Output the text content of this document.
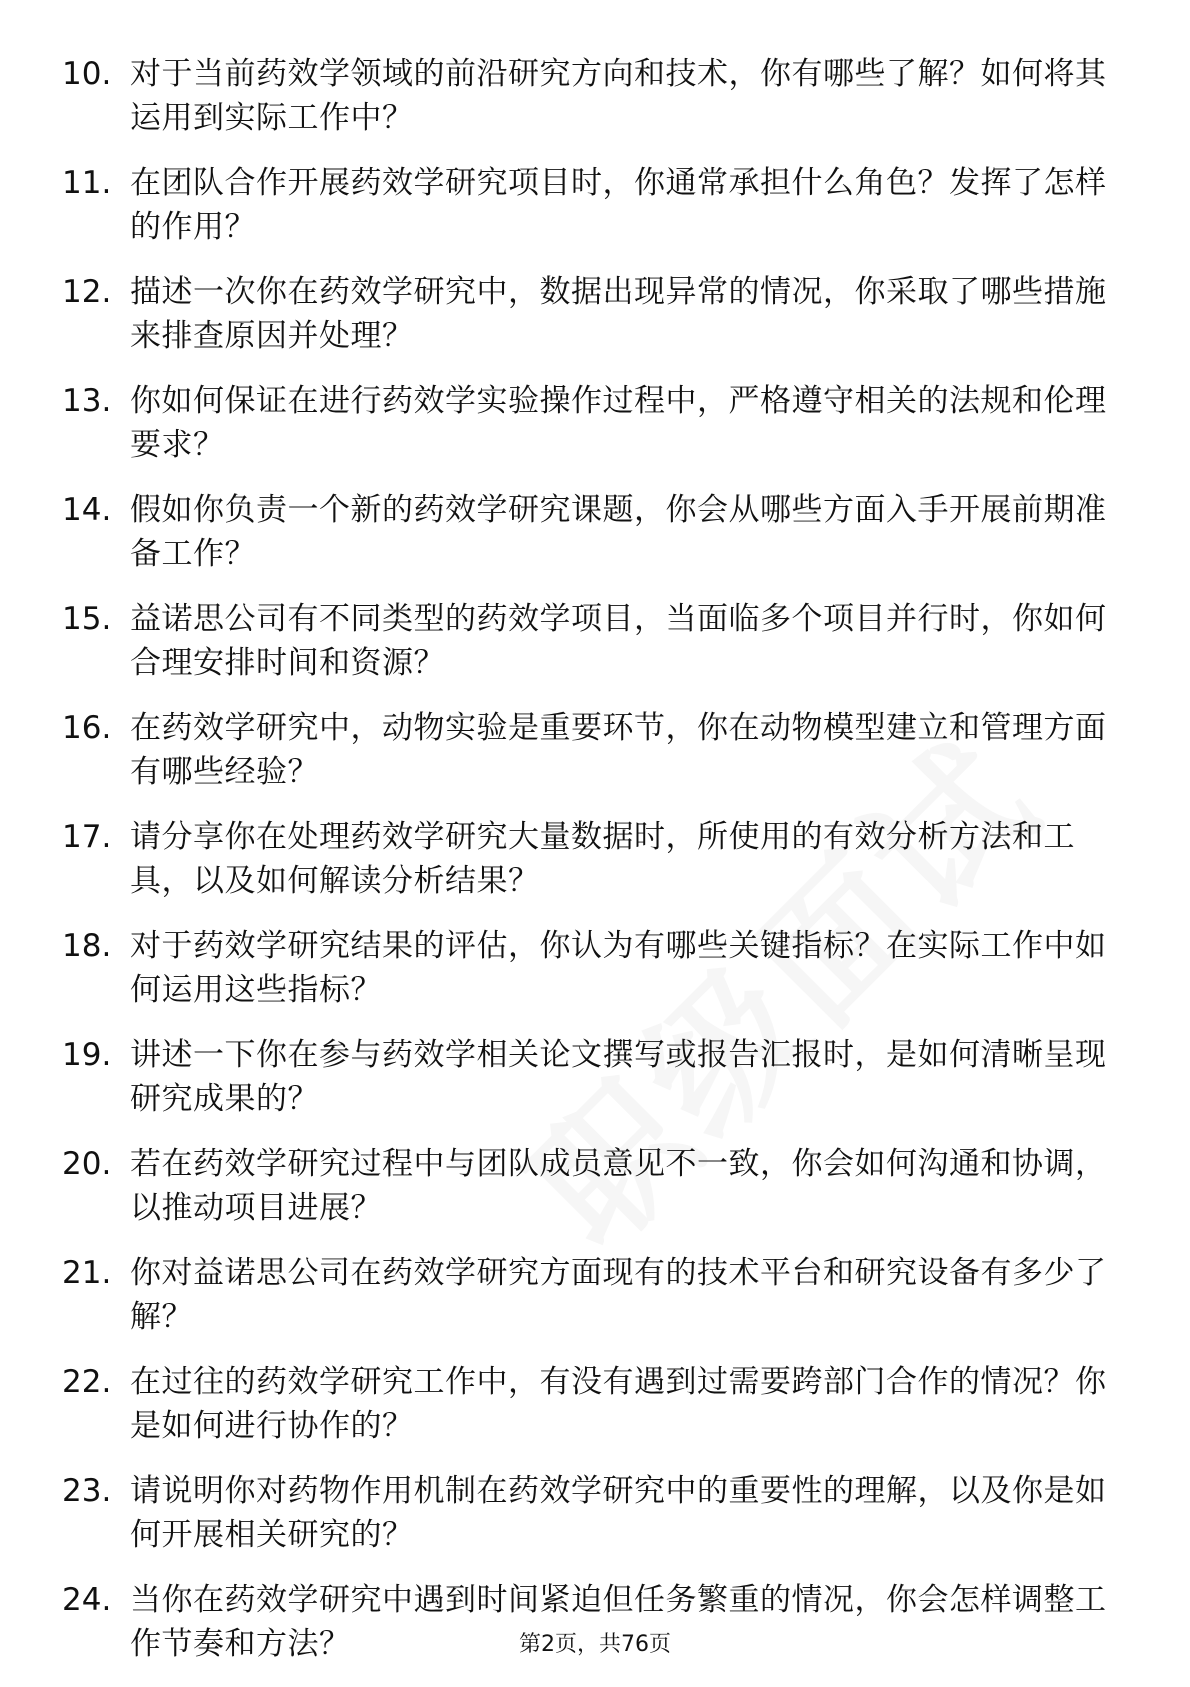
10. 对于当前药效学领域的前沿研究方向和技术，你有哪些了解？如何将其运用到实际工作中？
11. 在团队合作开展药效学研究项目时，你通常承担什么角色？发挥了怎样的作用？
12. 描述一次你在药效学研究中，数据出现异常的情况，你采取了哪些措施来排查原因并处理？
13. 你如何保证在进行药效学实验操作过程中，严格遵守相关的法规和伦理要求？
14. 假如你负责一个新的药效学研究课题，你会从哪些方面入手开展前期准备工作？
15. 益诺思公司有不同类型的药效学项目，当面临多个项目并行时，你如何合理安排时间和资源？
16. 在药效学研究中，动物实验是重要环节，你在动物模型建立和管理方面有哪些经验？
17. 请分享你在处理药效学研究大量数据时，所使用的有效分析方法和工具，以及如何解读分析结果？
18. 对于药效学研究结果的评估，你认为有哪些关键指标？在实际工作中如何运用这些指标？
19. 讲述一下你在参与药效学相关论文撰写或报告汇报时，是如何清晰呈现研究成果的？
20. 若在药效学研究过程中与团队成员意见不一致，你会如何沟通和协调，以推动项目进展？
21. 你对益诺思公司在药效学研究方面现有的技术平台和研究设备有多少了解？
22. 在过往的药效学研究工作中，有没有遇到过需要跨部门合作的情况？你是如何进行协作的？
23. 请说明你对药物作用机制在药效学研究中的重要性的理解，以及你是如何开展相关研究的？
24. 当你在药效学研究中遇到时间紧迫但任务繁重的情况，你会怎样调整工作节奏和方法？	第2页，共76页
